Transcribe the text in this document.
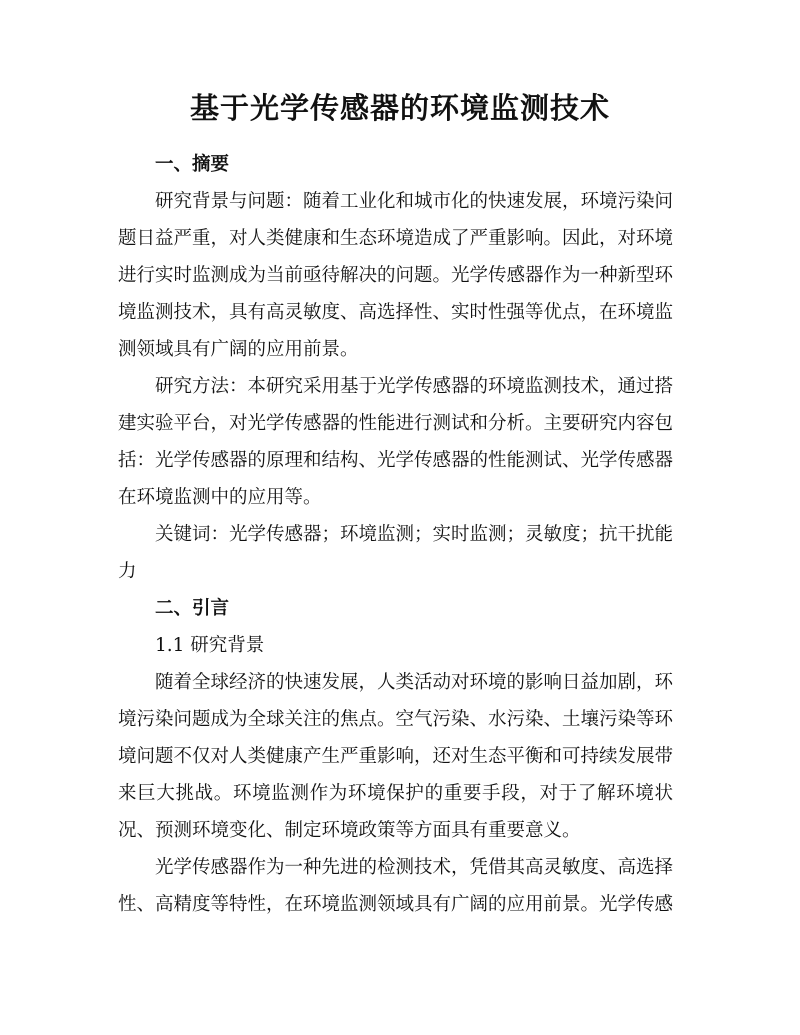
基于光学传感器的环境监测技术

一、摘要

研究背景与问题：随着工业化和城市化的快速发展，环境污染问题日益严重，对人类健康和生态环境造成了严重影响。因此，对环境进行实时监测成为当前亟待解决的问题。光学传感器作为一种新型环境监测技术，具有高灵敏度、高选择性、实时性强等优点，在环境监测领域具有广阔的应用前景。

研究方法：本研究采用基于光学传感器的环境监测技术，通过搭建实验平台，对光学传感器的性能进行测试和分析。主要研究内容包括：光学传感器的原理和结构、光学传感器的性能测试、光学传感器在环境监测中的应用等。

关键词：光学传感器；环境监测；实时监测；灵敏度；抗干扰能力

二、引言

1.1 研究背景

随着全球经济的快速发展，人类活动对环境的影响日益加剧，环境污染问题成为全球关注的焦点。空气污染、水污染、土壤污染等环境问题不仅对人类健康产生严重影响，还对生态平衡和可持续发展带来巨大挑战。环境监测作为环境保护的重要手段，对于了解环境状况、预测环境变化、制定环境政策等方面具有重要意义。

光学传感器作为一种先进的检测技术，凭借其高灵敏度、高选择性、高精度等特性，在环境监测领域具有广阔的应用前景。光学传感
